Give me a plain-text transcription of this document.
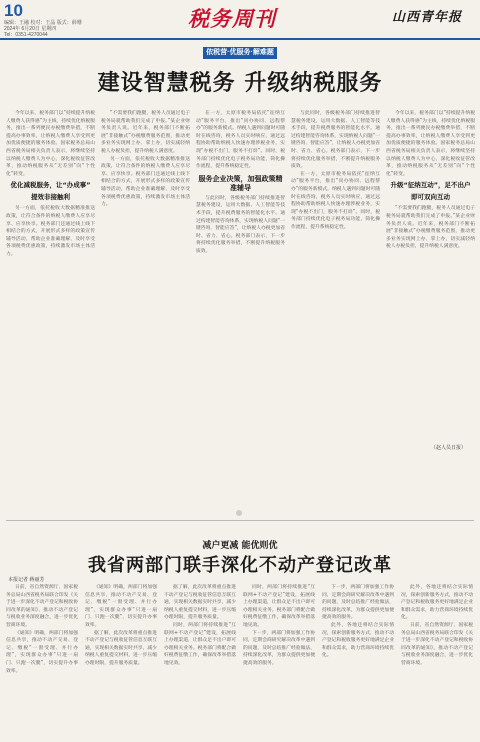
10
编辑：王融 校对：王晶 版式：薛珊
2024年 6月20日 星期四
Tel：0351-4270044
税务周刊	山西青年报
依税营·优服务·解难题
建设智慧税务 升级纳税服务

今年以来，税务部门以“持续提升纳税人缴费人获得感”为主线，持续优化纳税服务，推出一系列便民办税缴费举措，不断提高办事效率，让纳税人缴费人享受到更加优质便捷的服务体验。国家税务总局山西省税务局相关负责人表示，将继续坚持以纳税人缴费人为中心，深化税收征管改革，推动纳税服务从“无差别”向“个性化”转变。

优化减税服务，让“办成事”
提效非接触利

另一方面，依托税收大数据精准推送政策，让符合条件的纳税人缴费人应享尽享、应享快享。税务部门还通过线上线下相结合的方式，开展形式多样的政策宣传辅导活动，帮助企业准确理解、及时享受各项税费优惠政策，持续激发市场主体活力。

“不需要我们跑腿，税务人员通过电子税务局就帮助我们完成了申报。”某企业财务负责人说。近年来，税务部门不断拓展“非接触式”办税缴费服务范围，推动更多业务实现网上办、掌上办，切实减轻纳税人办税负担，提升纳税人满意度。

另一方面，依托税收大数据精准推送政策，让符合条件的纳税人缴费人应享尽享、应享快享。税务部门还通过线上线下相结合的方式，开展形式多样的政策宣传辅导活动，帮助企业准确理解、及时享受各项税费优惠政策，持续激发市场主体活力。

在一方，太原市税务局依托“征纳互动”服务平台，推出“问办协同、远程帮办”的服务新模式。纳税人遇到问题时可随时在线咨询，税务人员实时响应，通过远程协助帮助纳税人快速办理涉税业务，实现“办税不出门，服务不打烊”。同时，税务部门持续优化电子税务局功能，简化操作流程，提升系统稳定性。

服务企业决策，加强政策精准辅导

与此同时，各级税务部门持续推进智慧税务建设，运用大数据、人工智能等技术手段，提升税费服务的智能化水平。通过构建智能咨询体系，实现纳税人问题“一键咨询、智能应答”，让纳税人办税更加省时、省力、省心。税务部门表示，下一步将持续优化服务举措，不断提升纳税服务质效。

与此同时，各级税务部门持续推进智慧税务建设，运用大数据、人工智能等技术手段，提升税费服务的智能化水平。通过构建智能咨询体系，实现纳税人问题“一键咨询、智能应答”，让纳税人办税更加省时、省力、省心。税务部门表示，下一步将持续优化服务举措，不断提升纳税服务质效。

在一方，太原市税务局依托“征纳互动”服务平台，推出“问办协同、远程帮办”的服务新模式。纳税人遇到问题时可随时在线咨询，税务人员实时响应，通过远程协助帮助纳税人快速办理涉税业务，实现“办税不出门，服务不打烊”。同时，税务部门持续优化电子税务局功能，简化操作流程，提升系统稳定性。

今年以来，税务部门以“持续提升纳税人缴费人获得感”为主线，持续优化纳税服务，推出一系列便民办税缴费举措，不断提高办事效率，让纳税人缴费人享受到更加优质便捷的服务体验。国家税务总局山西省税务局相关负责人表示，将继续坚持以纳税人缴费人为中心，深化税收征管改革，推动纳税服务从“无差别”向“个性化”转变。

升级“征纳互动”，足不出户
即可双向互动

“不需要我们跑腿，税务人员通过电子税务局就帮助我们完成了申报。”某企业财务负责人说。近年来，税务部门不断拓展“非接触式”办税缴费服务范围，推动更多业务实现网上办、掌上办，切实减轻纳税人办税负担，提升纳税人满意度。

（赵人员日报）
减户更减 能优则优
我省两部门联手深化不动产登记改革
本报记者 蒋丽芳

日前，省自然资源厅、国家税务总局山西省税务局联合印发《关于进一步深化不动产登记和税收协同改革的通知》，推动不动产登记与税收业务深度融合，进一步优化营商环境。

《通知》明确，两部门将加强信息共享，推动不动产交易、登记、缴税“一窗受理、并行办理”，实现群众办事“只进一扇门、只跑一次腿”，切实提升办事效率。

《通知》明确，两部门将加强信息共享，推动不动产交易、登记、缴税“一窗受理、并行办理”，实现群众办事“只进一扇门、只跑一次腿”，切实提升办事效率。

据了解，此次改革将重点推进不动产登记与税收征管信息互联互通，实现相关数据实时共享，减少纳税人重复提交材料，进一步压缩办理时限，提升服务质量。

据了解，此次改革将重点推进不动产登记与税收征管信息互联互通，实现相关数据实时共享，减少纳税人重复提交材料，进一步压缩办理时限，提升服务质量。

同时，两部门将持续推进“互联网+不动产登记”建设，拓展线上办理渠道，让群众足不出户即可办理相关业务。税务部门将配合做好税费征缴工作，确保改革举措落地见效。

同时，两部门将持续推进“互联网+不动产登记”建设，拓展线上办理渠道，让群众足不出户即可办理相关业务。税务部门将配合做好税费征缴工作，确保改革举措落地见效。

下一步，两部门将加强工作协同，定期会商研究解决改革中遇到的问题，及时总结推广经验做法，持续深化改革，为群众提供更加便捷高效的服务。

下一步，两部门将加强工作协同，定期会商研究解决改革中遇到的问题，及时总结推广经验做法，持续深化改革，为群众提供更加便捷高效的服务。

此外，各地还将结合实际情况，探索创新服务方式，推动不动产登记和税收服务更好地满足企业和群众需求，助力营商环境持续优化。

此外，各地还将结合实际情况，探索创新服务方式，推动不动产登记和税收服务更好地满足企业和群众需求，助力营商环境持续优化。

日前，省自然资源厅、国家税务总局山西省税务局联合印发《关于进一步深化不动产登记和税收协同改革的通知》，推动不动产登记与税收业务深度融合，进一步优化营商环境。
